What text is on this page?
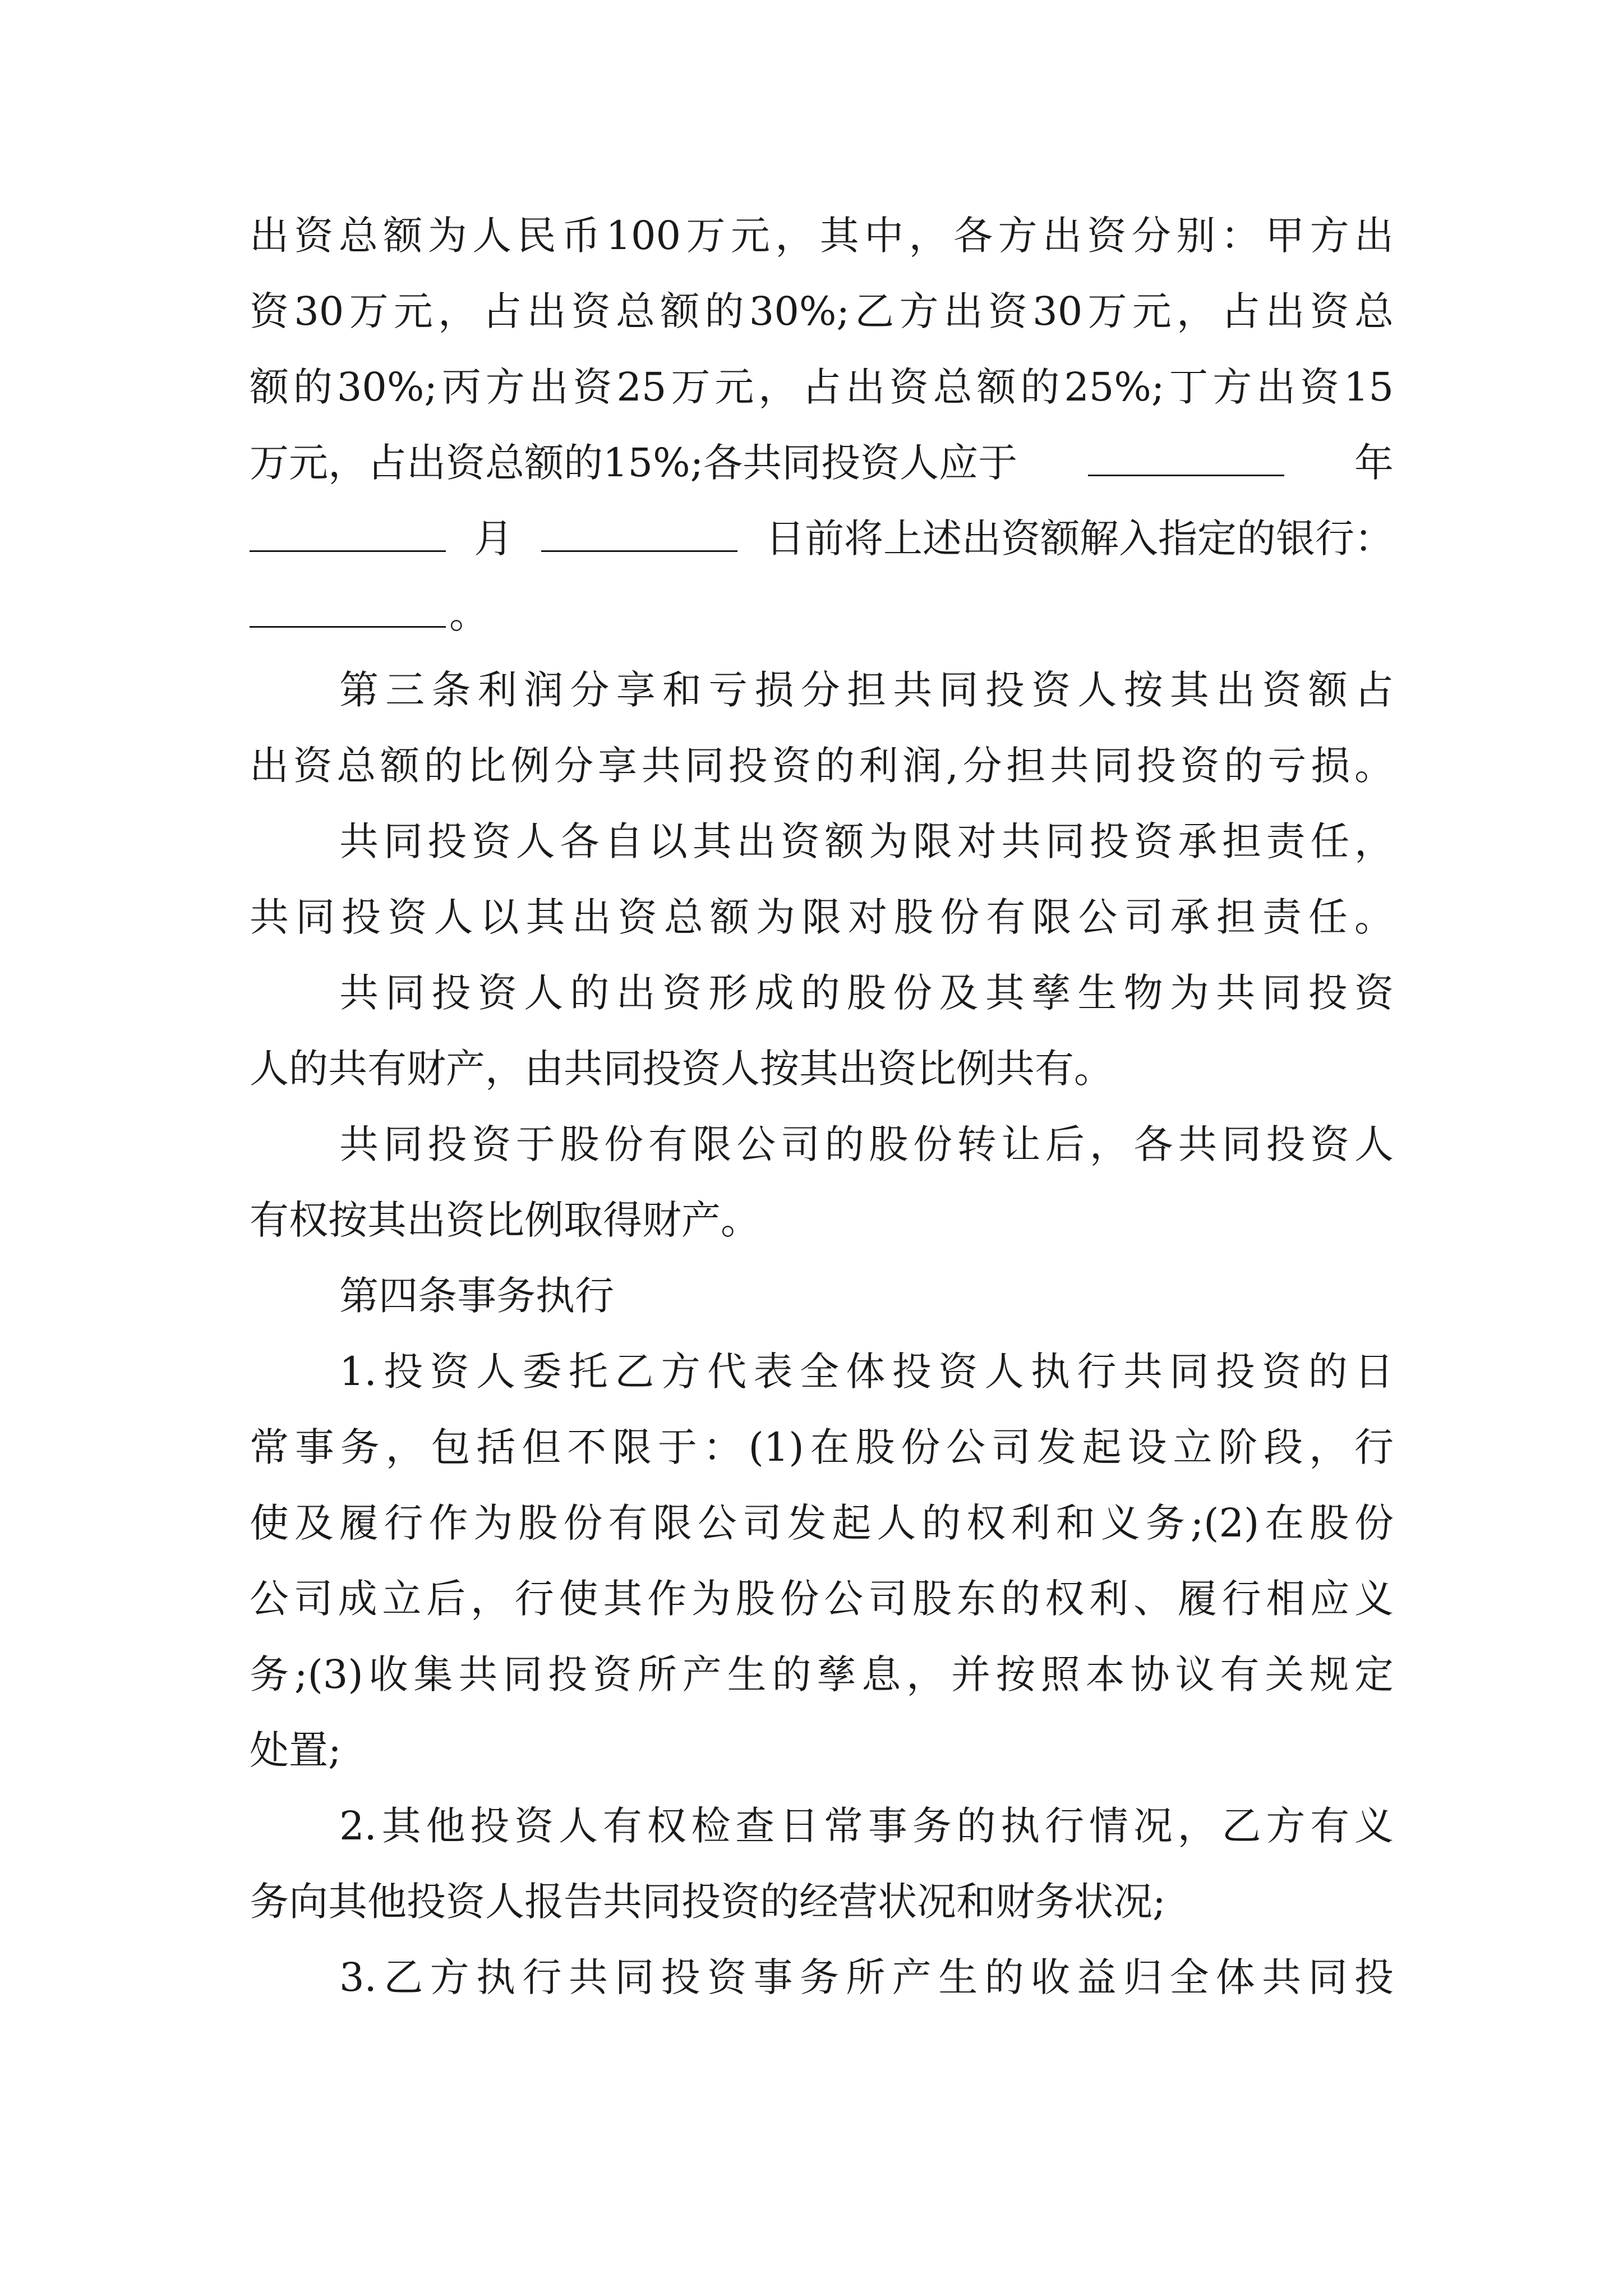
出资总额为人民币100万元，其中，各方出资分别：甲方出
资30万元，占出资总额的30%;乙方出资30万元，占出资总
额的30%;丙方出资25万元，占出资总额的25%;丁方出资15
万元，占出资总额的15%;各共同投资人应于	年
月	日前将上述出资额解入指定的银行：
。
第三条利润分享和亏损分担共同投资人按其出资额占
出资总额的比例分享共同投资的利润,分担共同投资的亏损。
共同投资人各自以其出资额为限对共同投资承担责任，
共同投资人以其出资总额为限对股份有限公司承担责任。
共同投资人的出资形成的股份及其孳生物为共同投资
人的共有财产，由共同投资人按其出资比例共有。
共同投资于股份有限公司的股份转让后，各共同投资人
有权按其出资比例取得财产。
第四条事务执行
1.投资人委托乙方代表全体投资人执行共同投资的日
常事务，包括但不限于：(1)在股份公司发起设立阶段，行
使及履行作为股份有限公司发起人的权利和义务;(2)在股份
公司成立后，行使其作为股份公司股东的权利、履行相应义
务;(3)收集共同投资所产生的孳息，并按照本协议有关规定
处置;
2.其他投资人有权检查日常事务的执行情况，乙方有义
务向其他投资人报告共同投资的经营状况和财务状况;
3.乙方执行共同投资事务所产生的收益归全体共同投
